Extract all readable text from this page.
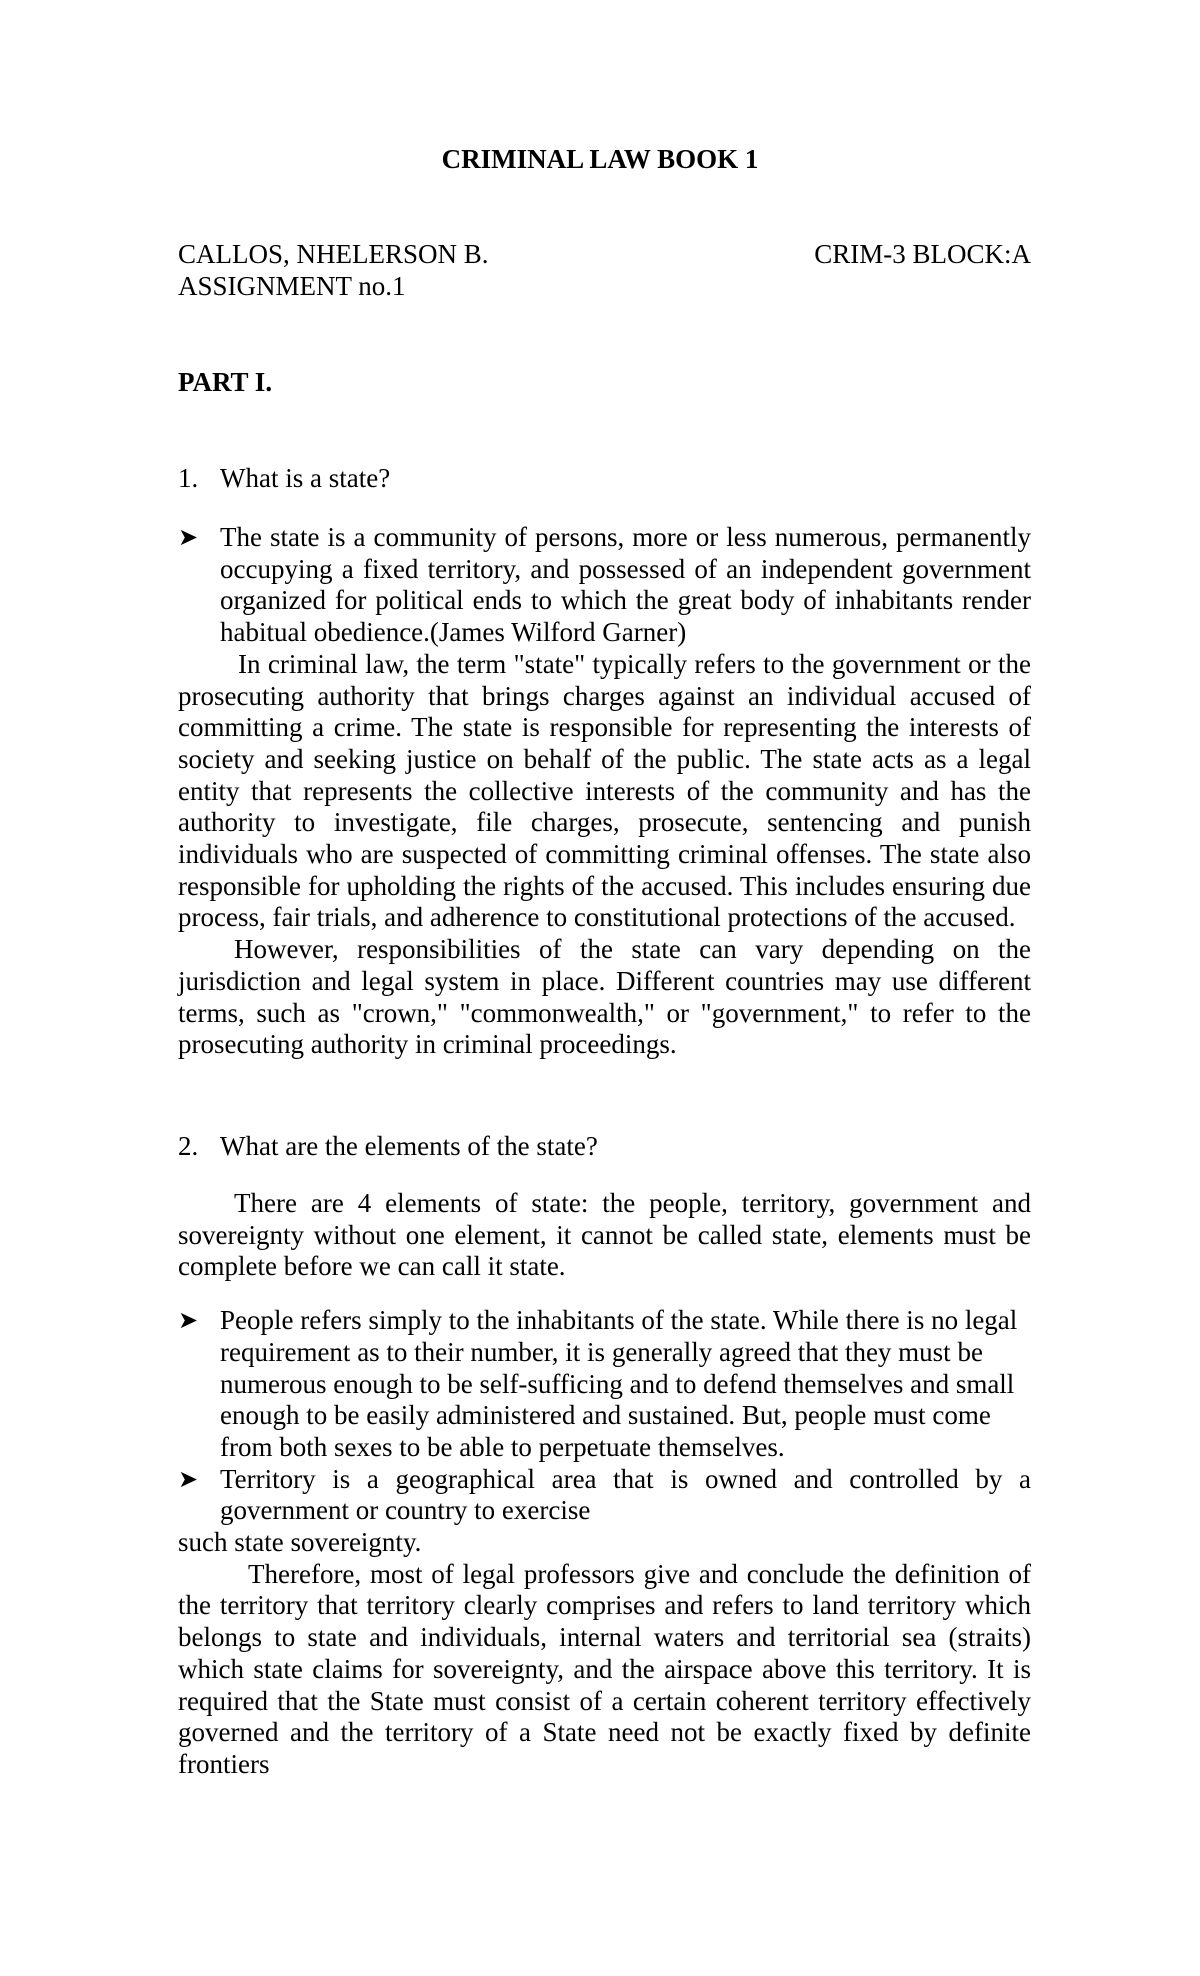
CRIMINAL LAW BOOK 1
CALLOS, NHELERSON B.	CRIM-3 BLOCK:A
ASSIGNMENT no.1
PART I.
1. What is a state?
➤ The state is a community of persons, more or less numerous, permanently occupying a fixed territory, and possessed of an independent government organized for political ends to which the great body of inhabitants render habitual obedience.(James Wilford Garner)

In criminal law, the term "state" typically refers to the government or the prosecuting authority that brings charges against an individual accused of committing a crime. The state is responsible for representing the interests of society and seeking justice on behalf of the public. The state acts as a legal entity that represents the collective interests of the community and has the authority to investigate, file charges, prosecute, sentencing and punish individuals who are suspected of committing criminal offenses. The state also responsible for upholding the rights of the accused. This includes ensuring due process, fair trials, and adherence to constitutional protections of the accused.

However, responsibilities of the state can vary depending on the jurisdiction and legal system in place. Different countries may use different terms, such as "crown," "commonwealth," or "government," to refer to the prosecuting authority in criminal proceedings.

2. What are the elements of the state?

There are 4 elements of state: the people, territory, government and sovereignty without one element, it cannot be called state, elements must be complete before we can call it state.

➤ People refers simply to the inhabitants of the state. While there is no legal requirement as to their number, it is generally agreed that they must be numerous enough to be self-sufficing and to defend themselves and small enough to be easily administered and sustained. But, people must come from both sexes to be able to perpetuate themselves.
➤ Territory is a geographical area that is owned and controlled by a
government or country to exercise

such state sovereignty.

Therefore, most of legal professors give and conclude the definition of the territory that territory clearly comprises and refers to land territory which belongs to state and individuals, internal waters and territorial sea (straits) which state claims for sovereignty, and the airspace above this territory. It is required that the State must consist of a certain coherent territory effectively governed and the territory of a State need not be exactly fixed by definite frontiers
